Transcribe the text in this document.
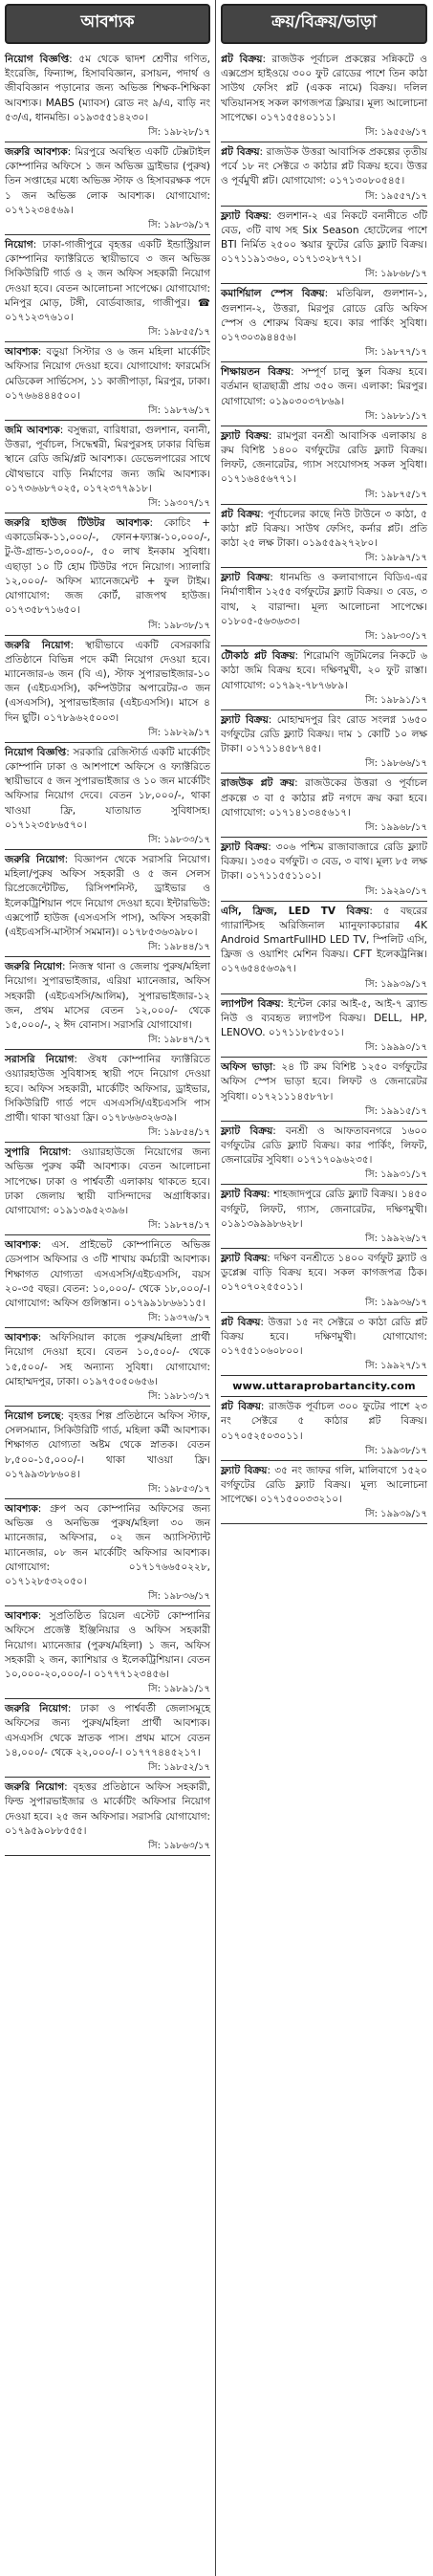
আবশ্যক
নিয়োগ বিজ্ঞপ্তি: ৫ম থেকে দ্বাদশ শ্রেণীর গণিত, ইংরেজি, ফিন্যান্স, হিসাববিজ্ঞান, রসায়ন, পদার্থ ও জীববিজ্ঞান পড়ানোর জন্য অভিজ্ঞ শিক্ষক-শিক্ষিকা আবশ্যক। MABS (ম্যাবস) রোড নং ৯/এ, বাড়ি নং ৫৩/এ, ধানমন্ডি। ০১৯৩৫৫১৪২৩০।
সি: ১৯৮২৮/১৭
জরুরি আবশ্যক: মিরপুরে অবস্থিত একটি টেক্সটাইল কোম্পানির অফিসে ১ জন অভিজ্ঞ ড্রাইভার (পুরুষ) তিন সপ্তাহের মধ্যে অভিজ্ঞ স্টাফ ও হিসাবরক্ষক পদে ১ জন অভিজ্ঞ লোক আবশ্যক। যোগাযোগ: ০১৭১২৩৪৫৬৯।
সি: ১৯৮৩৯/১৭
নিয়োগ: ঢাকা-গাজীপুরে বৃহত্তর একটি ইন্ডাস্ট্রিয়াল কোম্পানির ফ্যাক্টরিতে স্থায়ীভাবে ৩ জন অভিজ্ঞ সিকিউরিটি গার্ড ও ২ জন অফিস সহকারী নিয়োগ দেওয়া হবে। বেতন আলোচনা সাপেক্ষে। যোগাযোগ: মনিপুর মোড়, টঙ্গী, বোর্ডবাজার, গাজীপুর। ☎ ০১৭১২৩৭৬১০।
সি: ১৯৮৫৫/১৭
আবশ্যক: বড়ুয়া সিস্টার ও ৬ জন মহিলা মার্কেটিং অফিসার নিয়োগ দেওয়া হবে। যোগাযোগ: ফারমেসি মেডিকেল সার্ভিসেস, ১১ কাজীপাড়া, মিরপুর, ঢাকা। ০১৭৬৬৪৪৪৫০০।
সি: ১৯৮৭৬/১৭
জমি আবশ্যক: বসুন্ধরা, বারিধারা, গুলশান, বনানী, উত্তরা, পূর্বাচল, সিদ্ধেশ্বরী, মিরপুরসহ ঢাকার বিভিন্ন স্থানে রেডি জমি/প্লট আবশ্যক। ডেভেলপারের সাথে যৌথভাবে বাড়ি নির্মাণের জন্য জমি আবশ্যক। ০১৭৩৬৬৮৭০২৫, ০১৭২৩৭৭৯১৮।
সি: ১৯৩০৭/১৭
জরুরি হাউজ টিউটর আবশ্যক: কোচিং + একাডেমিক-১১,০০০/-, ফোন+ফ্যাক্স-১০,০০০/-, টু-উ-গ্রান্ড-১৩,০০০/-, ৫০ লাখ ইনকাম সুবিধা। এছাড়া ১০ টি হোম টিউটর পদে নিয়োগ। স্যালারি ১২,০০০/- অফিস ম্যানেজমেন্ট + ফুল টাইম। যোগাযোগ: জজ কোর্ট, রাজপথ হাউজ। ০১৭৩৫৮৭১৬৫০।
সি: ১৯৮৩৮/১৭
জরুরি নিয়োগ: স্থায়ীভাবে একটি বেসরকারি প্রতিষ্ঠানে বিভিন্ন পদে কর্মী নিয়োগ দেওয়া হবে। ম্যানেজার-৬ জন (বি এ), স্টাফ সুপারভাইজার-১০ জন (এইচএসসি), কম্পিউটার অপারেটর-৩ জন (এসএসসি), সুপারভাইজার (এইচএসসি)। মাসে ৪ দিন ছুটি। ০১৭৮৯৬২৫০০৩।
সি: ১৯৮২৯/১৭
নিয়োগ বিজ্ঞপ্তি: সরকারি রেজিস্টার্ড একটি মার্কেটিং কোম্পানি ঢাকা ও আশপাশে অফিসে ও ফ্যাক্টরিতে স্থায়ীভাবে ৫ জন সুপারভাইজার ও ১০ জন মার্কেটিং অফিসার নিয়োগ দেবে। বেতন ১৮,০০০/-, থাকা খাওয়া ফ্রি, যাতায়াত সুবিধাসহ। ০১৭১২৩৫৮৬৫৭০।
সি: ১৯৮৩৩/১৭
জরুরি নিয়োগ: বিজ্ঞাপন থেকে সরাসরি নিয়োগ। মহিলা/পুরুষ অফিস সহকারী ও ৫ জন সেলস রিপ্রেজেন্টেটিভ, রিসিপশনিস্ট, ড্রাইভার ও ইলেকট্রিশিয়ান পদে নিয়োগ দেওয়া হবে। ইন্টারভিউ: এক্সপোর্ট হাউজ (এসএসসি পাস), অফিস সহকারী (এইচএসসি-মাস্টার্স সমমান)। ০১৭৮৫৩৬৩৯৮০।
সি: ১৯৮৪৪/১৭
জরুরি নিয়োগ: নিজস্ব থানা ও জেলায় পুরুষ/মহিলা নিয়োগ। সুপারভাইজার, এরিয়া ম্যানেজার, অফিস সহকারী (এইচএসসি/আলিম), সুপারভাইজার-১২ জন, প্রথম মাসের বেতন ১২,০০০/- থেকে ১৫,০০০/-, ২ ঈদ বোনাস। সরাসরি যোগাযোগ।
সি: ১৯৮৪৭/১৭
সরাসরি নিয়োগ: ঔষধ কোম্পানির ফ্যাক্টরিতে ওয়্যারহাউজ সুবিধাসহ স্থায়ী পদে নিয়োগ দেওয়া হবে। অফিস সহকারী, মার্কেটিং অফিসার, ড্রাইভার, সিকিউরিটি গার্ড পদে এসএসসি/এইচএসসি পাস প্রার্থী। থাকা খাওয়া ফ্রি। ০১৭৮৬৬৩২৬৩৯।
সি: ১৯৮৫৪/১৭
সুপারি নিয়োগ: ওয়্যারহাউজে নিয়োগের জন্য অভিজ্ঞ পুরুষ কর্মী আবশ্যক। বেতন আলোচনা সাপেক্ষে। ঢাকা ও পার্শ্ববর্তী এলাকায় থাকতে হবে। ঢাকা জেলায় স্থায়ী বাসিন্দাদের অগ্রাধিকার। যোগাযোগ: ০১৯১৩৯৫২৩৯৬।
সি: ১৯৮৭৪/১৭
আবশ্যক: এস. প্রাইভেট কোম্পানিতে অভিজ্ঞ ডেসপাস অফিসার ও ৩টি শাখায় কর্মচারী আবশ্যক। শিক্ষাগত যোগ্যতা এসএসসি/এইচএসসি, বয়স ২০-৩৫ বছর। বেতন: ১০,০০০/- থেকে ১৮,০০০/-। যোগাযোগ: অফিস গুলিস্তান। ০১৭৯৯১৮৬৬১১৫।
সি: ১৯৩৭৬/১৭
আবশ্যক: অফিসিয়াল কাজে পুরুষ/মহিলা প্রার্থী নিয়োগ দেওয়া হবে। বেতন ১০,৫০০/- থেকে ১৫,৫০০/- সহ অন্যান্য সুবিধা। যোগাযোগ: মোহাম্মদপুর, ঢাকা। ০১৯৭৫০৫০৬৫৬।
সি: ১৯৮১৩/১৭
নিয়োগ চলছে: বৃহত্তর শিল্প প্রতিষ্ঠানে অফিস স্টাফ, সেলসম্যান, সিকিউরিটি গার্ড, মহিলা কর্মী আবশ্যক। শিক্ষাগত যোগ্যতা অষ্টম থেকে স্নাতক। বেতন ৮,৫০০-১৫,০০০/-। থাকা খাওয়া ফ্রি। ০১৭৯৯৩৮৮৬০৪।
সি: ১৯৮৫৩/১৭
আবশ্যক: গ্রুপ অব কোম্পানির অফিসের জন্য অভিজ্ঞ ও অনভিজ্ঞ পুরুষ/মহিলা ৩০ জন ম্যানেজার, অফিসার, ০২ জন অ্যাসিস্ট্যান্ট ম্যানেজার, ০৮ জন মার্কেটিং অফিসার আবশ্যক। যোগাযোগ: ০১৭১৭৬৬৫০২২৮, ০১৭১২৮৫৩২০৫০।
সি: ১৯৮৩৬/১৭
আবশ্যক: সুপ্রতিষ্ঠিত রিয়েল এস্টেট কোম্পানির অফিসে প্রজেক্ট ইঞ্জিনিয়ার ও অফিস সহকারী নিয়োগ। ম্যানেজার (পুরুষ/মহিলা) ১ জন, অফিস সহকারী ২ জন, ক্যাশিয়ার ও ইলেকট্রিশিয়ান। বেতন ১০,০০০-২০,০০০/-। ০১৭৭৭১২৩৪৫৬।
সি: ১৯৮৯১/১৭
জরুরি নিয়োগ: ঢাকা ও পার্শ্ববর্তী জেলাসমূহে অফিসের জন্য পুরুষ/মহিলা প্রার্থী আবশ্যক। এসএসসি থেকে স্নাতক পাস। প্রথম মাসে বেতন ১৪,০০০/- থেকে ২২,০০০/-। ০১৭৭৭৪৪৫২১৭।
সি: ১৯৮৫২/১৭
জরুরি নিয়োগ: বৃহত্তর প্রতিষ্ঠানে অফিস সহকারী, ফিল্ড সুপারভাইজার ও মার্কেটিং অফিসার নিয়োগ দেওয়া হবে। ২৫ জন অফিসার। সরাসরি যোগাযোগ: ০১৭৯৫৯০৮৮৫৫৫।
সি: ১৯৮৬৩/১৭
ক্রয়/বিক্রয়/ভাড়া
প্লট বিক্রয়: রাজউক পূর্বাচল প্রকল্পের সন্নিকটে ও এক্সপ্রেস হাইওয়ে ৩০০ ফুট রোডের পাশে তিন কাঠা সাউথ ফেসিং প্লট (একক নামে) বিক্রয়। দলিল খতিয়ানসহ সকল কাগজপত্র ক্লিয়ার। মূল্য আলোচনা সাপেক্ষে। ০১৭১৫৫৪০১১১।
সি: ১৯৫৫৬/১৭
প্লট বিক্রয়: রাজউক উত্তরা আবাসিক প্রকল্পের তৃতীয় পর্বে ১৮ নং সেক্টরে ৩ কাঠার প্লট বিক্রয় হবে। উত্তর ও পূর্বমুখী প্লট। যোগাযোগ: ০১৭১৩০৮০৫৪৫।
সি: ১৯৫৫৭/১৭
ফ্ল্যাট বিক্রয়: গুলশান-২ এর নিকটে বনানীতে ৩টি বেড, ৩টি বাথ সহ Six Season হোটেলের পাশে BTI নির্মিত ২৫০০ স্কয়ার ফুটের রেডি ফ্ল্যাট বিক্রয়। ০১৭১১৯১৩৬০, ০১৭১৩২৮৭৭১।
সি: ১৯৮৬৮/১৭
কমার্শিয়াল স্পেস বিক্রয়: মতিঝিল, গুলশান-১, গুলশান-২, উত্তরা, মিরপুর রোডে রেডি অফিস স্পেস ও শোরুম বিক্রয় হবে। কার পার্কিং সুবিধা। ০১৭৩০৩৯৪৪৫৬।
সি: ১৯৮৭৭/১৭
শিক্ষায়তন বিক্রয়: সম্পূর্ণ চালু স্কুল বিক্রয় হবে। বর্তমান ছাত্রছাত্রী প্রায় ৩৫০ জন। এলাকা: মিরপুর। যোগাযোগ: ০১৯০৩০৩৭৮৬৯।
সি: ১৯৮৮১/১৭
ফ্ল্যাট বিক্রয়: রামপুরা বনশ্রী আবাসিক এলাকায় ৪ রুম বিশিষ্ট ১৪০০ বর্গফুটের রেডি ফ্ল্যাট বিক্রয়। লিফট, জেনারেটর, গ্যাস সংযোগসহ সকল সুবিধা। ০১৭১৬৪৫৬৭৭১।
সি: ১৯৮৭৫/১৭
প্লট বিক্রয়: পূর্বাচলের কাছে নিউ টাউনে ৩ কাঠা, ৫ কাঠা প্লট বিক্রয়। সাউথ ফেসিং, কর্নার প্লট। প্রতি কাঠা ২৫ লক্ষ টাকা। ০১৯৫৫৯২৭২৮০।
সি: ১৯৮৯৭/১৭
ফ্ল্যাট বিক্রয়: ধানমন্ডি ও কলাবাগানে বিডিএ-এর নির্মাণাধীন ১২৫৫ বর্গফুটের ফ্ল্যাট বিক্রয়। ৩ বেড, ৩ বাথ, ২ বারান্দা। মূল্য আলোচনা সাপেক্ষে। ০১৮০৫-৫৬৩৬৩৩।
সি: ১৯৮৩০/১৭
টৌকাঠ প্লট বিক্রয়: শিরোমণি জুটমিলের নিকটে ৬ কাঠা জমি বিক্রয় হবে। দক্ষিণমুখী, ২০ ফুট রাস্তা। যোগাযোগ: ০১৭৯২-৭৮৭৬৮৯।
সি: ১৯৮৯১/১৭
ফ্ল্যাট বিক্রয়: মোহাম্মদপুর রিং রোড সংলগ্ন ১৬৫০ বর্গফুটের রেডি ফ্ল্যাট বিক্রয়। দাম ১ কোটি ১০ লক্ষ টাকা। ০১৭১১৪৫৮৭৪৫।
সি: ১৯৮৬৬/১৭
রাজউক প্লট ক্রয়: রাজউকের উত্তরা ও পূর্বাচল প্রকল্পে ৩ বা ৫ কাঠার প্লট নগদে ক্রয় করা হবে। যোগাযোগ: ০১৭১৪১৩৪৫৬১৭।
সি: ১৯৯৬৮/১৭
ফ্ল্যাট বিক্রয়: ৩০৬ পশ্চিম রাজাবাজারে রেডি ফ্ল্যাট বিক্রয়। ১৩৫০ বর্গফুট। ৩ বেড, ৩ বাথ। মূল্য ৮৫ লক্ষ টাকা। ০১৭১১৫৫১১০১।
সি: ১৯২৯০/১৭
এসি, ফ্রিজ, LED TV বিক্রয়: ৫ বছরের গ্যারান্টিসহ অরিজিনাল ম্যানুফ্যাকচারার 4K Android SmartFullHD LED TV, স্পিলিট এসি, ফ্রিজ ও ওয়াশিং মেশিন বিক্রয়। CFT ইলেকট্রনিক্স। ০১৭৬৫৪৫৬৩৯৭।
সি: ১৯৯৩৯/১৭
ল্যাপটপ বিক্রয়: ইন্টেল কোর আই-৫, আই-৭ ব্র্যান্ড নিউ ও ব্যবহৃত ল্যাপটপ বিক্রয়। DELL, HP, LENOVO. ০১৭১১৮৫৮৫০১।
সি: ১৯৯৯০/১৭
অফিস ভাড়া: ২৪ টি রুম বিশিষ্ট ১২৫০ বর্গফুটের অফিস স্পেস ভাড়া হবে। লিফট ও জেনারেটর সুবিধা। ০১৭২১১১৪৫৮৭৮।
সি: ১৯৯১৫/১৭
ফ্ল্যাট বিক্রয়: বনশ্রী ও আফতাবনগরে ১৬০০ বর্গফুটের রেডি ফ্ল্যাট বিক্রয়। কার পার্কিং, লিফট, জেনারেটর সুবিধা। ০১৭১৭০৯৬২৩৫।
সি: ১৯৯৩১/১৭
ফ্ল্যাট বিক্রয়: শাহজাদপুরে রেডি ফ্ল্যাট বিক্রয়। ১৪৫০ বর্গফুট, লিফট, গ্যাস, জেনারেটর, দক্ষিণমুখী। ০১৯১৩৯৯৯৮৬২৮।
সি: ১৯৯২৬/১৭
ফ্ল্যাট বিক্রয়: দক্ষিণ বনশ্রীতে ১৪০০ বর্গফুট ফ্ল্যাট ও ডুপ্লেক্স বাড়ি বিক্রয় হবে। সকল কাগজপত্র ঠিক। ০১৭০৭০২৫৫০১১।
সি: ১৯৯৩৬/১৭
প্লট বিক্রয়: উত্তরা ১৫ নং সেক্টরে ৩ কাঠা রেডি প্লট বিক্রয় হবে। দক্ষিণমুখী। যোগাযোগ: ০১৭৫৫১০৬০৮০০।
সি: ১৯৯২৭/১৭
www.uttaraprobartancity.com
প্লট বিক্রয়: রাজউক পূর্বাচল ৩০০ ফুটের পাশে ২৩ নং সেক্টরে ৫ কাঠার প্লট বিক্রয়। ০১৭০৫২৫০৩০১১।
সি: ১৯৯৩৮/১৭
ফ্ল্যাট বিক্রয়: ৩৫ নং জাফর গলি, মালিবাগে ১৫২০ বর্গফুটের রেডি ফ্ল্যাট বিক্রয়। মূল্য আলোচনা সাপেক্ষে। ০১৭১৫০০৩৩২১০।
সি: ১৯৯৩৯/১৭
